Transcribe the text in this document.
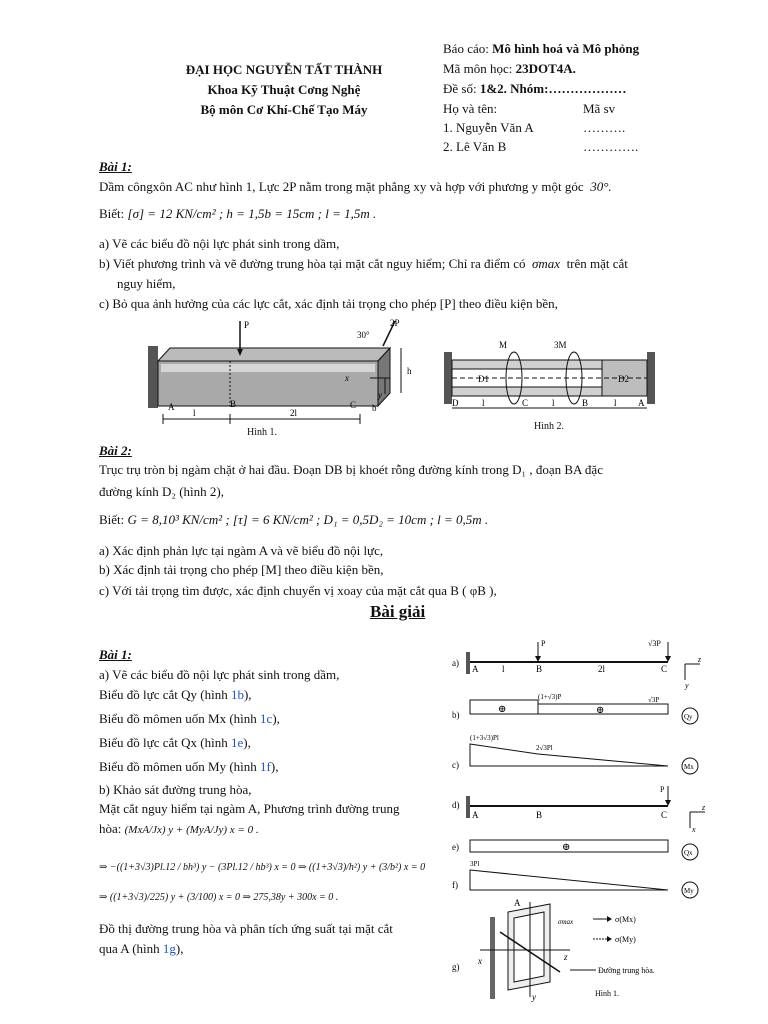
ĐẠI HỌC NGUYỄN TẤT THÀNH
Khoa Kỹ Thuật Cơng Nghệ
Bộ môn Cơ Khí-Chế Tạo Máy
Báo cáo: Mô hình hoá và Mô phỏng
Mã môn học: 23DOT4A.
Đề số: 1&2. Nhóm:………………
Họ và tên:	Mã sv
1. Nguyễn Văn A	……….
2. Lê Văn B	………….
Bài 1:
Dầm côngxôn AC như hình 1, Lực 2P nằm trong mặt phẳng xy và hợp với phương y một góc 30°.
Biết: [σ] = 12 KN/cm² ; h = 1,5b = 15cm ; l = 1,5m .
a) Vẽ các biểu đồ nội lực phát sinh trong dầm,
b) Viết phương trình và vẽ đường trung hòa tại mặt cắt nguy hiểm; Chỉ ra điểm có σmax trên mặt cắt
nguy hiểm,
c) Bỏ qua ảnh hưởng của các lực cắt, xác định tải trọng cho phép [P] theo điều kiện bền,
P	2P
30°
h
x
y
A	B	C b
l	2l
Hình 1.
M	3M
D1	D2
D	l	C	l	B	l A
Hình 2.
Bài 2:
Trục trụ tròn bị ngàm chặt ở hai đầu. Đoạn DB bị khoét rỗng đường kính trong D₁ , đoạn BA đặc
đường kính D₂ (hình 2),
Biết: G = 8,10³ KN/cm² ; [τ] = 6 KN/cm² ; D₁ = 0,5D₂ = 10cm ; l = 0,5m .
a) Xác định phản lực tại ngàm A và vẽ biểu đồ nội lực,
b) Xác định tải trọng cho phép [M] theo điều kiện bền,
c) Với tải trọng tìm được, xác định chuyển vị xoay của mặt cắt qua B ( φB ),
Bài giải
Bài 1:
a) Vẽ các biểu đồ nội lực phát sinh trong dầm,
Biểu đồ lực cắt Qy (hình 1b),
Biểu đồ mômen uốn Mx (hình 1c),
Biểu đồ lực cắt Qx (hình 1e),
Biểu đồ mômen uốn My (hình 1f),
b) Khảo sát đường trung hòa,
Mặt cắt nguy hiểm tại ngàm A, Phương trình đường trung
hòa: (MxA/Jx) y + (MyA/Jy) x = 0 .
⇒ −((1+3√3)Pl.12 / bh³) y − (3Pl.12 / hb³) x = 0 ⇒ ((1+3√3)/h²) y + (3/b²) x = 0
⇒ ((1+3√3)/225) y + (3/100) x = 0 ⇒ 275,38y + 300x = 0 .
Đồ thị đường trung hòa và phân tích ứng suất tại mặt cắt
qua A (hình 1g),
a)
P	√3P
A	l	B	2l	C
z
y
b)	⊕	⊕
(1+√3)P	√3P
Qy
c)
(1+3√3)Pl
2√3Pl
Mx
d)
P
A	B	C
z
x
e)	⊕	Qx
f)
3Pl
My
g)
A
x
y
z
σmax	σ(Mx)
σ(My)
Đường trung hòa.
Hình 1.
